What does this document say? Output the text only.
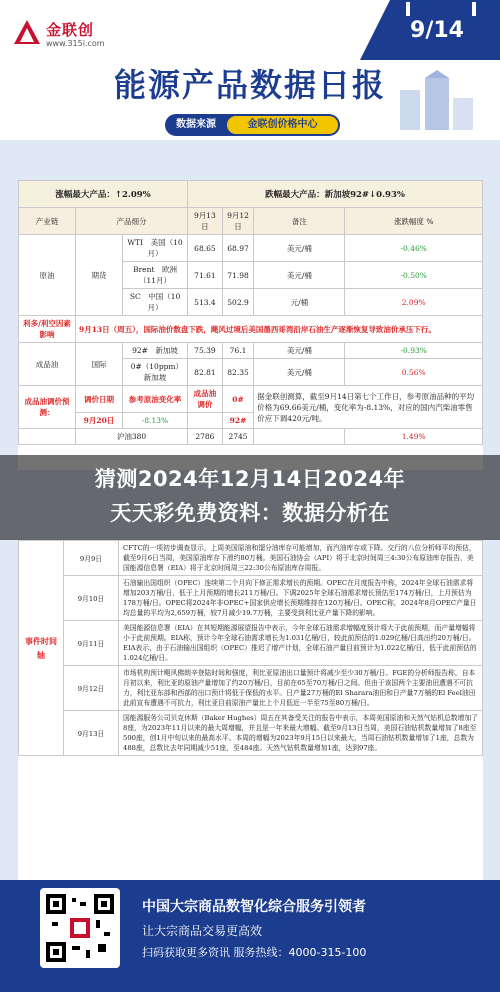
金联创
www.315i.com
9/14
能源产品数据日报
数据来源	金联创价格中心
涨幅最大产品：↑2.09%			跌幅最大产品：新加坡92#↓0.93%			
产业链	产品细分		9月13日	9月12日	备注	涨跌幅度 %
原油	期货	WTI　 美国（10月）	68.65	68.97	美元/桶	-0.46%
		Brent　 欧洲（11月）	71.61	71.98	美元/桶	-0.50%
		SC　 中国（10月）	513.4	502.9	元/桶	2.09%
利多/利空因素影响	9月13日（周五），国际油价数盘下跌，飓风过境后美国墨西哥湾沿岸石油生产逐渐恢复导致油价承压下行。					
成品油	国际	92#　 新加坡	75.39	76.1	美元/桶	-0.93%
		0#（10ppm）　新加坡	82.81	82.35	美元/桶	0.56%
成品油调价预测：	调价日期	参考原油变化率	成品油调价	0#	据金联创测算，截至9月14日第七个工作日，参考原油品种的平均价格为69.66美元/桶，变化率为-8.13%，对应的国内汽柴油零售价应下调420元/吨。	
	9月20日	-8.13%		92#		
	沪油380		2786	2745		1.49%
猜测2024年12月14日2024年
天天彩免费资料：数据分析在
事件时间轴	9月9日	CFTC的一项初步调查显示，上周美国原油和馏分油库存可能增加，而汽油库存或下降。交行的八位分析师平均预估，截至9月6日当周，美国原油库存下滑约80万桶。美国石油协会（API）将于北京时间周三4:30公布原油库存报告，美国能源信息署（EIA）将于北京时间周三22:30公布原油库存周报。
	9月10日	石油输出国组织（OPEC）连续第二个月向下修正需求增长的预期。OPEC在月度报告中称，2024年全球石油需求将增加203万桶/日，低于上月预期的增长211万桶/日。下调2025年全球石油需求增长预估至174万桶/日，上月预估为178万桶/日。OPEC将2024年非OPEC+国家供应增长预期维持在120万桶/日。OPEC称，2024年8月OPEC产量日均总量的平均为2,659万桶，较7月减少19.7万桶，主要受到利比亚产量下降的影响。
	9月11日	美国能源信息署（EIA）在其短期能源展望报告中表示，今年全球石油需求增幅度预计将大于此前预期，而产量增幅将小于此前预期。EIA称，预计今年全球石油需求增长为1.031亿桶/日，较此前预估的1.029亿桶/日高出约20万桶/日。EIA表示，由于石油输出国组织（OPEC）推迟了增产计划，全球石油产量目前预计为1.022亿桶/日，低于此前预估的1.024亿桶/日。
	9月12日	市场机构预计飓风佛朗辛登陆时间和强度，利比亚原油出口量预计将减少至少30万桶/日。FGE的分析师报告称，自本月初以来，利比亚的原油产量增加了约20万桶/日，目前在65至70万桶/日之间。但由于该国两个主要油田遭遇不可抗力，利比亚东部和西部的出口预计将低于保低的水平。日产量27万桶的El Sharara油田和日产量7万桶的El Feel油田此前宣布遭遇不可抗力，利比亚目前原油产量比上个月低近一半至75至80万桶/日。
	9月13日	国能源服务公司贝克休斯（Baker Hughes）周五在其备受关注的报告中表示，本周美国原油和天然气钻机总数增加了8座，为2023年11月以来的最大周增幅，并且是一年来最大增幅。截至9月13日当周，美国石油钻机数量增加了8座至590座，创1月中旬以来的最高水平。本周的增幅为2023年9月15日以来最大，当周石油钻机数量增加了1座，总数为488座，总数比去年同期减少51座，至484座。天然气钻机数量增加1座，达到97座。
中国大宗商品数智化综合服务引领者
让大宗商品交易更高效
扫码获取更多资讯 服务热线：4000-315-100
